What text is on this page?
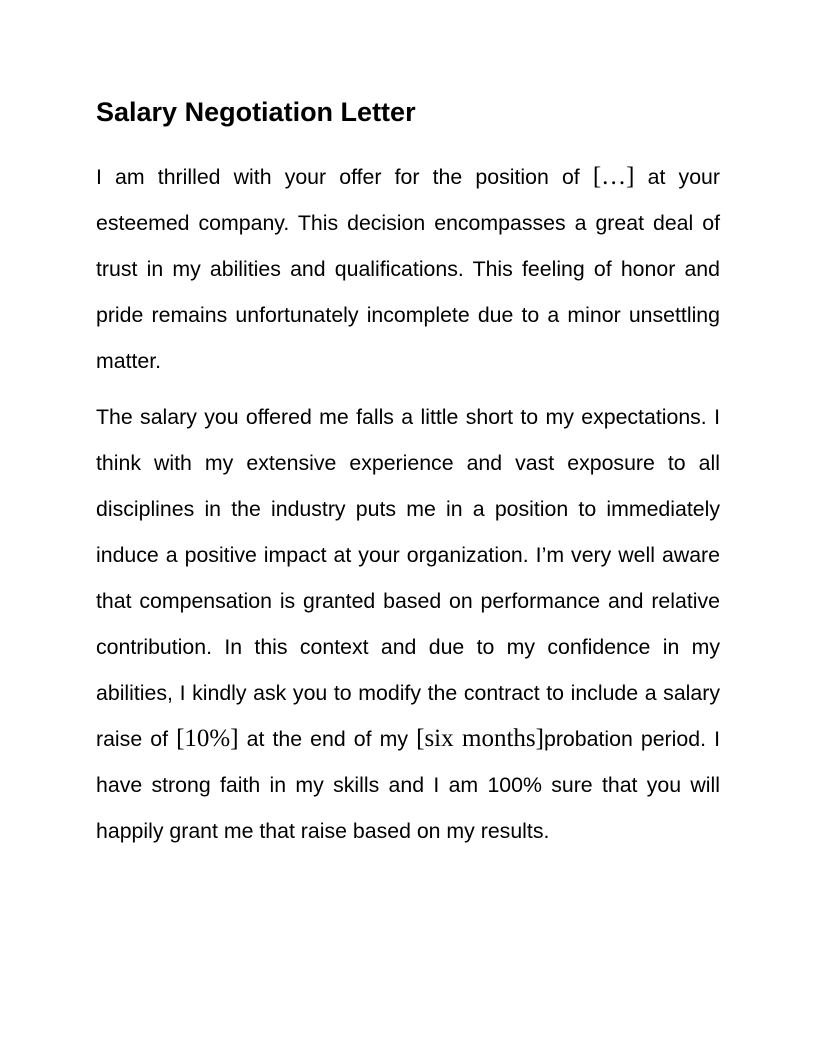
Salary Negotiation Letter

I am thrilled with your offer for the position of […] at your esteemed company. This decision encompasses a great deal of trust in my abilities and qualifications. This feeling of honor and pride remains unfortunately incomplete due to a minor unsettling matter.

The salary you offered me falls a little short to my expectations. I think with my extensive experience and vast exposure to all disciplines in the industry puts me in a position to immediately induce a positive impact at your organization. I’m very well aware that compensation is granted based on performance and relative contribution. In this context and due to my confidence in my abilities, I kindly ask you to modify the contract to include a salary raise of [10%] at the end of my [six months]probation period. I have strong faith in my skills and I am 100% sure that you will happily grant me that raise based on my results.
